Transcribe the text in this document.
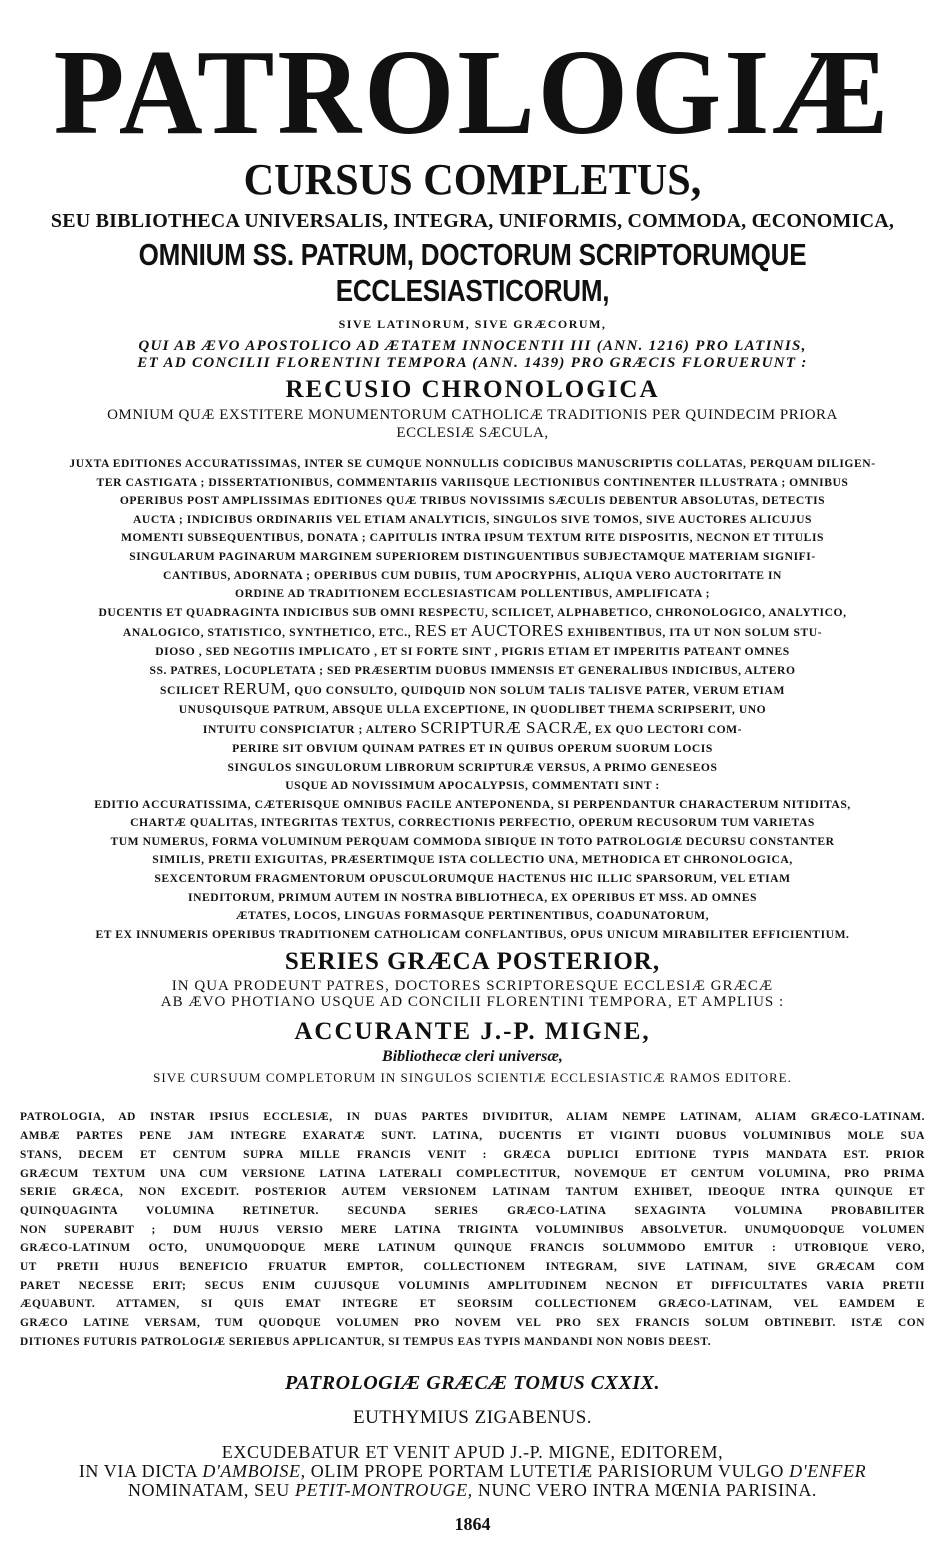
PATROLOGIÆ
CURSUS COMPLETUS,

SEU BIBLIOTHECA UNIVERSALIS, INTEGRA, UNIFORMIS, COMMODA, ŒCONOMICA,

OMNIUM SS. PATRUM, DOCTORUM SCRIPTORUMQUE ECCLESIASTICORUM,

SIVE LATINORUM, SIVE GRÆCORUM,

QUI AB ÆVO APOSTOLICO AD ÆTATEM INNOCENTII III (ANN. 1216) PRO LATINIS,
ET AD CONCILII FLORENTINI TEMPORA (ANN. 1439) PRO GRÆCIS FLORUERUNT :

RECUSIO CHRONOLOGICA

OMNIUM QUÆ EXSTITERE MONUMENTORUM CATHOLICÆ TRADITIONIS PER QUINDECIM PRIORA
ECCLESIÆ SÆCULA,
JUXTA EDITIONES ACCURATISSIMAS, INTER SE CUMQUE NONNULLIS CODICIBUS MANUSCRIPTIS COLLATAS, PERQUAM DILIGEN-
TER CASTIGATA ; DISSERTATIONIBUS, COMMENTARIIS VARIISQUE LECTIONIBUS CONTINENTER ILLUSTRATA ; OMNIBUS
OPERIBUS POST AMPLISSIMAS EDITIONES QUÆ TRIBUS NOVISSIMIS SÆCULIS DEBENTUR ABSOLUTAS, DETECTIS
AUCTA ; INDICIBUS ORDINARIIS VEL ETIAM ANALYTICIS, SINGULOS SIVE TOMOS, SIVE AUCTORES ALICUJUS
MOMENTI SUBSEQUENTIBUS, DONATA ; CAPITULIS INTRA IPSUM TEXTUM RITE DISPOSITIS, NECNON ET TITULIS
SINGULARUM PAGINARUM MARGINEM SUPERIOREM DISTINGUENTIBUS SUBJECTAMQUE MATERIAM SIGNIFI-
CANTIBUS, ADORNATA ; OPERIBUS CUM DUBIIS, TUM APOCRYPHIS, ALIQUA VERO AUCTORITATE IN
ORDINE AD TRADITIONEM ECCLESIASTICAM POLLENTIBUS, AMPLIFICATA ;
DUCENTIS ET QUADRAGINTA INDICIBUS SUB OMNI RESPECTU, SCILICET, ALPHABETICO, CHRONOLOGICO, ANALYTICO,
ANALOGICO, STATISTICO, SYNTHETICO, ETC., RES ET AUCTORES EXHIBENTIBUS, ITA UT NON SOLUM STU-
DIOSO , SED NEGOTIIS IMPLICATO , ET SI FORTE SINT , PIGRIS ETIAM ET IMPERITIS PATEANT OMNES
SS. PATRES, LOCUPLETATA ; SED PRÆSERTIM DUOBUS IMMENSIS ET GENERALIBUS INDICIBUS, ALTERO
SCILICET RERUM, QUO CONSULTO, QUIDQUID NON SOLUM TALIS TALISVE PATER, VERUM ETIAM
UNUSQUISQUE PATRUM, ABSQUE ULLA EXCEPTIONE, IN QUODLIBET THEMA SCRIPSERIT, UNO
INTUITU CONSPICIATUR ; ALTERO SCRIPTURÆ SACRÆ, EX QUO LECTORI COM-
PERIRE SIT OBVIUM QUINAM PATRES ET IN QUIBUS OPERUM SUORUM LOCIS
SINGULOS SINGULORUM LIBRORUM SCRIPTURÆ VERSUS, A PRIMO GENESEOS
USQUE AD NOVISSIMUM APOCALYPSIS, COMMENTATI SINT :
EDITIO ACCURATISSIMA, CÆTERISQUE OMNIBUS FACILE ANTEPONENDA, SI PERPENDANTUR CHARACTERUM NITIDITAS,
CHARTÆ QUALITAS, INTEGRITAS TEXTUS, CORRECTIONIS PERFECTIO, OPERUM RECUSORUM TUM VARIETAS
TUM NUMERUS, FORMA VOLUMINUM PERQUAM COMMODA SIBIQUE IN TOTO PATROLOGIÆ DECURSU CONSTANTER
SIMILIS, PRETII EXIGUITAS, PRÆSERTIMQUE ISTA COLLECTIO UNA, METHODICA ET CHRONOLOGICA,
SEXCENTORUM FRAGMENTORUM OPUSCULORUMQUE HACTENUS HIC ILLIC SPARSORUM, VEL ETIAM
INEDITORUM, PRIMUM AUTEM IN NOSTRA BIBLIOTHECA, EX OPERIBUS ET MSS. AD OMNES
ÆTATES, LOCOS, LINGUAS FORMASQUE PERTINENTIBUS, COADUNATORUM,
ET EX INNUMERIS OPERIBUS TRADITIONEM CATHOLICAM CONFLANTIBUS, OPUS UNICUM MIRABILITER EFFICIENTIUM.

SERIES GRÆCA POSTERIOR,

IN QUA PRODEUNT PATRES, DOCTORES SCRIPTORESQUE ECCLESIÆ GRÆCÆ
AB ÆVO PHOTIANO USQUE AD CONCILII FLORENTINI TEMPORA, ET AMPLIUS :

ACCURANTE J.-P. MIGNE,

Bibliothecæ cleri universæ,

SIVE CURSUUM COMPLETORUM IN SINGULOS SCIENTIÆ ECCLESIASTICÆ RAMOS EDITORE.

PATROLOGIA, AD INSTAR IPSIUS ECCLESIÆ, IN DUAS PARTES DIVIDITUR, ALIAM NEMPE LATINAM, ALIAM GRÆCO-LATINAM.
AMBÆ PARTES PENE JAM INTEGRE EXARATÆ SUNT. LATINA, DUCENTIS ET VIGINTI DUOBUS VOLUMINIBUS MOLE SUA
STANS, DECEM ET CENTUM SUPRA MILLE FRANCIS VENIT : GRÆCA DUPLICI EDITIONE TYPIS MANDATA EST. PRIOR
GRÆCUM TEXTUM UNA CUM VERSIONE LATINA LATERALI COMPLECTITUR, NOVEMQUE ET CENTUM VOLUMINA, PRO PRIMA
SERIE GRÆCA, NON EXCEDIT. POSTERIOR AUTEM VERSIONEM LATINAM TANTUM EXHIBET, IDEOQUE INTRA QUINQUE ET
QUINQUAGINTA VOLUMINA RETINETUR. SECUNDA SERIES GRÆCO-LATINA SEXAGINTA VOLUMINA PROBABILITER
NON SUPERABIT ; DUM HUJUS VERSIO MERE LATINA TRIGINTA VOLUMINIBUS ABSOLVETUR. UNUMQUODQUE VOLUMEN
GRÆCO-LATINUM OCTO, UNUMQUODQUE MERE LATINUM QUINQUE FRANCIS SOLUMMODO EMITUR : UTROBIQUE VERO,
UT PRETII HUJUS BENEFICIO FRUATUR EMPTOR, COLLECTIONEM INTEGRAM, SIVE LATINAM, SIVE GRÆCAM COM
PARET NECESSE ERIT; SECUS ENIM CUJUSQUE VOLUMINIS AMPLITUDINEM NECNON ET DIFFICULTATES VARIA PRETII
ÆQUABUNT. ATTAMEN, SI QUIS EMAT INTEGRE ET SEORSIM COLLECTIONEM GRÆCO-LATINAM, VEL EAMDEM E
GRÆCO LATINE VERSAM, TUM QUODQUE VOLUMEN PRO NOVEM VEL PRO SEX FRANCIS SOLUM OBTINEBIT. ISTÆ CON
DITIONES FUTURIS PATROLOGIÆ SERIEBUS APPLICANTUR, SI TEMPUS EAS TYPIS MANDANDI NON NOBIS DEEST.

PATROLOGIÆ GRÆCÆ TOMUS CXXIX.

EUTHYMIUS ZIGABENUS.

EXCUDEBATUR ET VENIT APUD J.-P. MIGNE, EDITOREM,
IN VIA DICTA D'AMBOISE, OLIM PROPE PORTAM LUTETIÆ PARISIORUM VULGO D'ENFER
NOMINATAM, SEU PETIT-MONTROUGE, NUNC VERO INTRA MŒNIA PARISINA.

1864
